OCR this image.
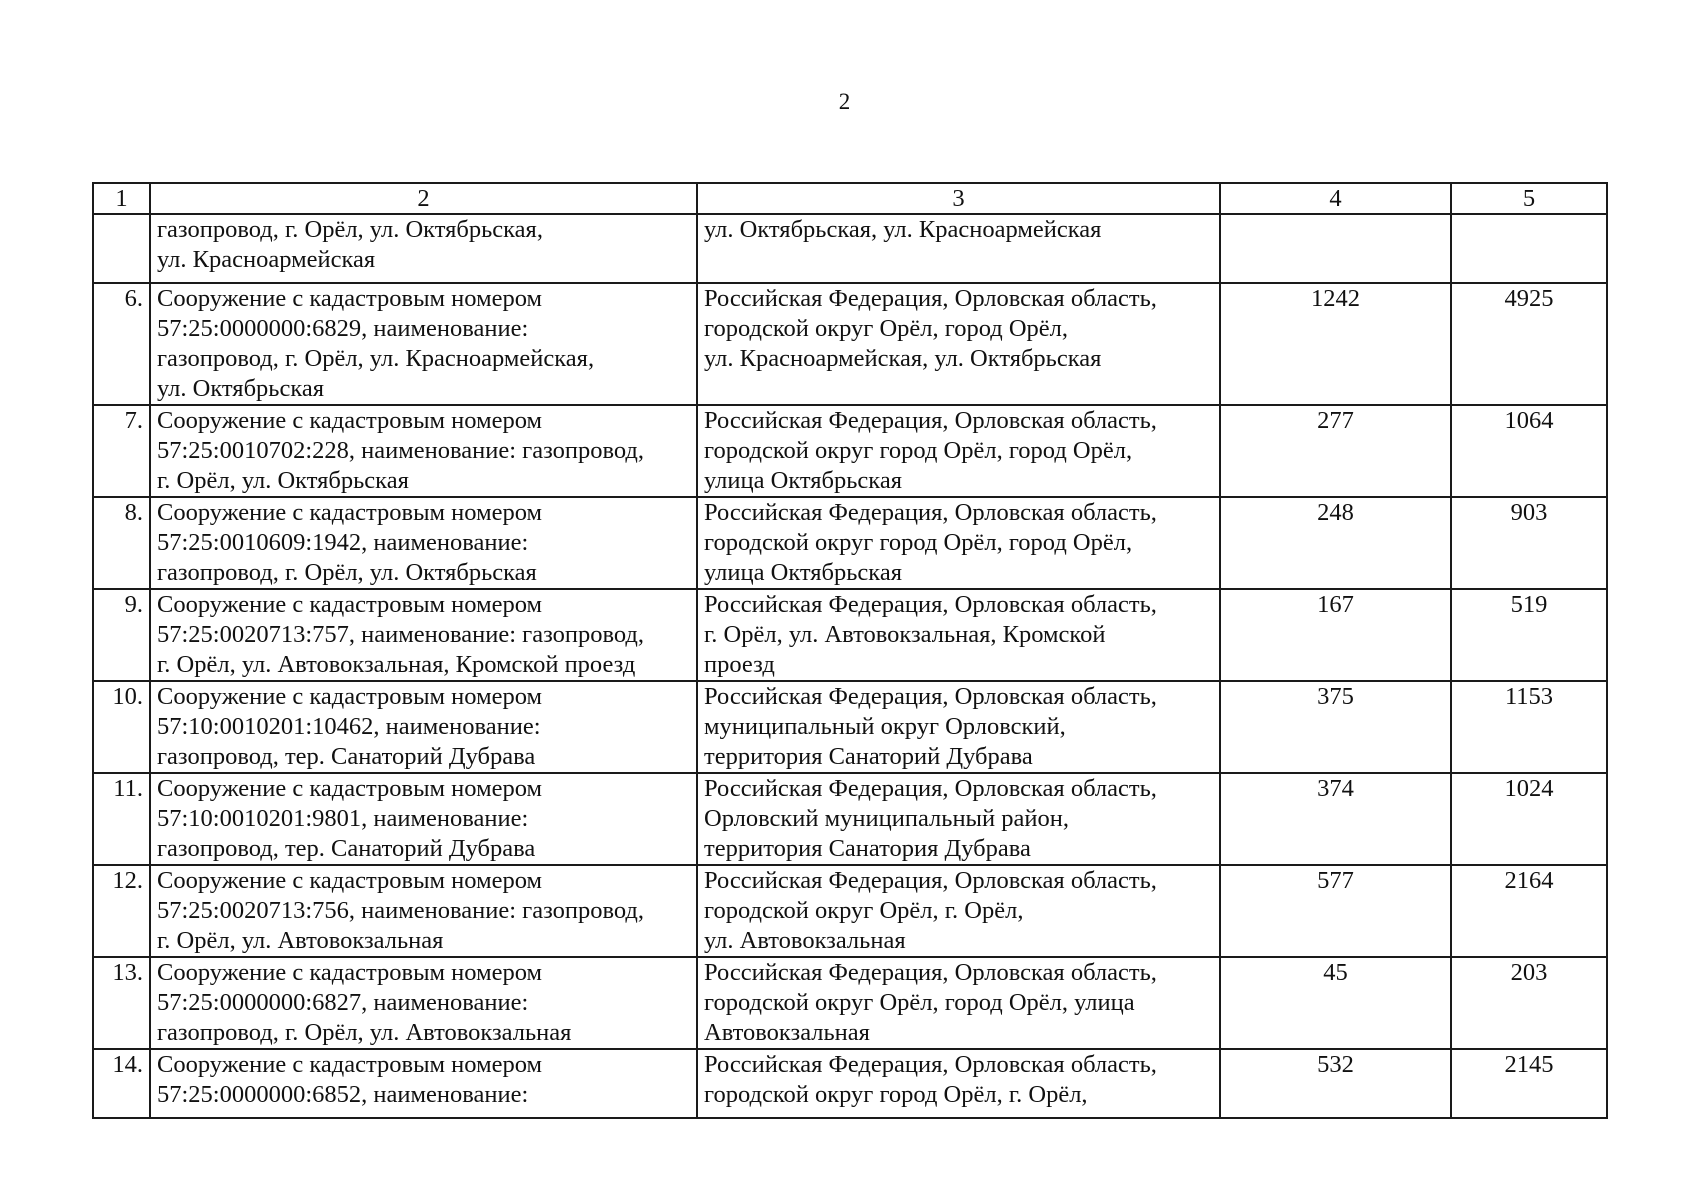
2
1	2	3	4	5

	газопровод, г. Орёл, ул. Октябрьская,
ул. Красноармейская	ул. Октябрьская, ул. Красноармейская		

6.	Сооружение с кадастровым номером
57:25:0000000:6829, наименование:
газопровод, г. Орёл, ул. Красноармейская,
ул. Октябрьская	Российская Федерация, Орловская область,
городской округ Орёл, город Орёл,
ул. Красноармейская, ул. Октябрьская	1242	4925
7.	Сооружение с кадастровым номером
57:25:0010702:228, наименование: газопровод,
г. Орёл, ул. Октябрьская	Российская Федерация, Орловская область,
городской округ город Орёл, город Орёл,
улица Октябрьская	277	1064
8.	Сооружение с кадастровым номером
57:25:0010609:1942, наименование:
газопровод, г. Орёл, ул. Октябрьская	Российская Федерация, Орловская область,
городской округ город Орёл, город Орёл,
улица Октябрьская	248	903
9.	Сооружение с кадастровым номером
57:25:0020713:757, наименование: газопровод,
г. Орёл, ул. Автовокзальная, Кромской проезд	Российская Федерация, Орловская область,
г. Орёл, ул. Автовокзальная, Кромской
проезд	167	519
10.	Сооружение с кадастровым номером
57:10:0010201:10462, наименование:
газопровод, тер. Санаторий Дубрава	Российская Федерация, Орловская область,
муниципальный округ Орловский,
территория Санаторий Дубрава	375	1153
11.	Сооружение с кадастровым номером
57:10:0010201:9801, наименование:
газопровод, тер. Санаторий Дубрава	Российская Федерация, Орловская область,
Орловский муниципальный район,
территория Санатория Дубрава	374	1024
12.	Сооружение с кадастровым номером
57:25:0020713:756, наименование: газопровод,
г. Орёл, ул. Автовокзальная	Российская Федерация, Орловская область,
городской округ Орёл, г. Орёл,
ул. Автовокзальная	577	2164
13.	Сооружение с кадастровым номером
57:25:0000000:6827, наименование:
газопровод, г. Орёл, ул. Автовокзальная	Российская Федерация, Орловская область,
городской округ Орёл, город Орёл, улица
Автовокзальная	45	203
14.	Сооружение с кадастровым номером
57:25:0000000:6852, наименование:	Российская Федерация, Орловская область,
городской округ город Орёл, г. Орёл,	532	2145
